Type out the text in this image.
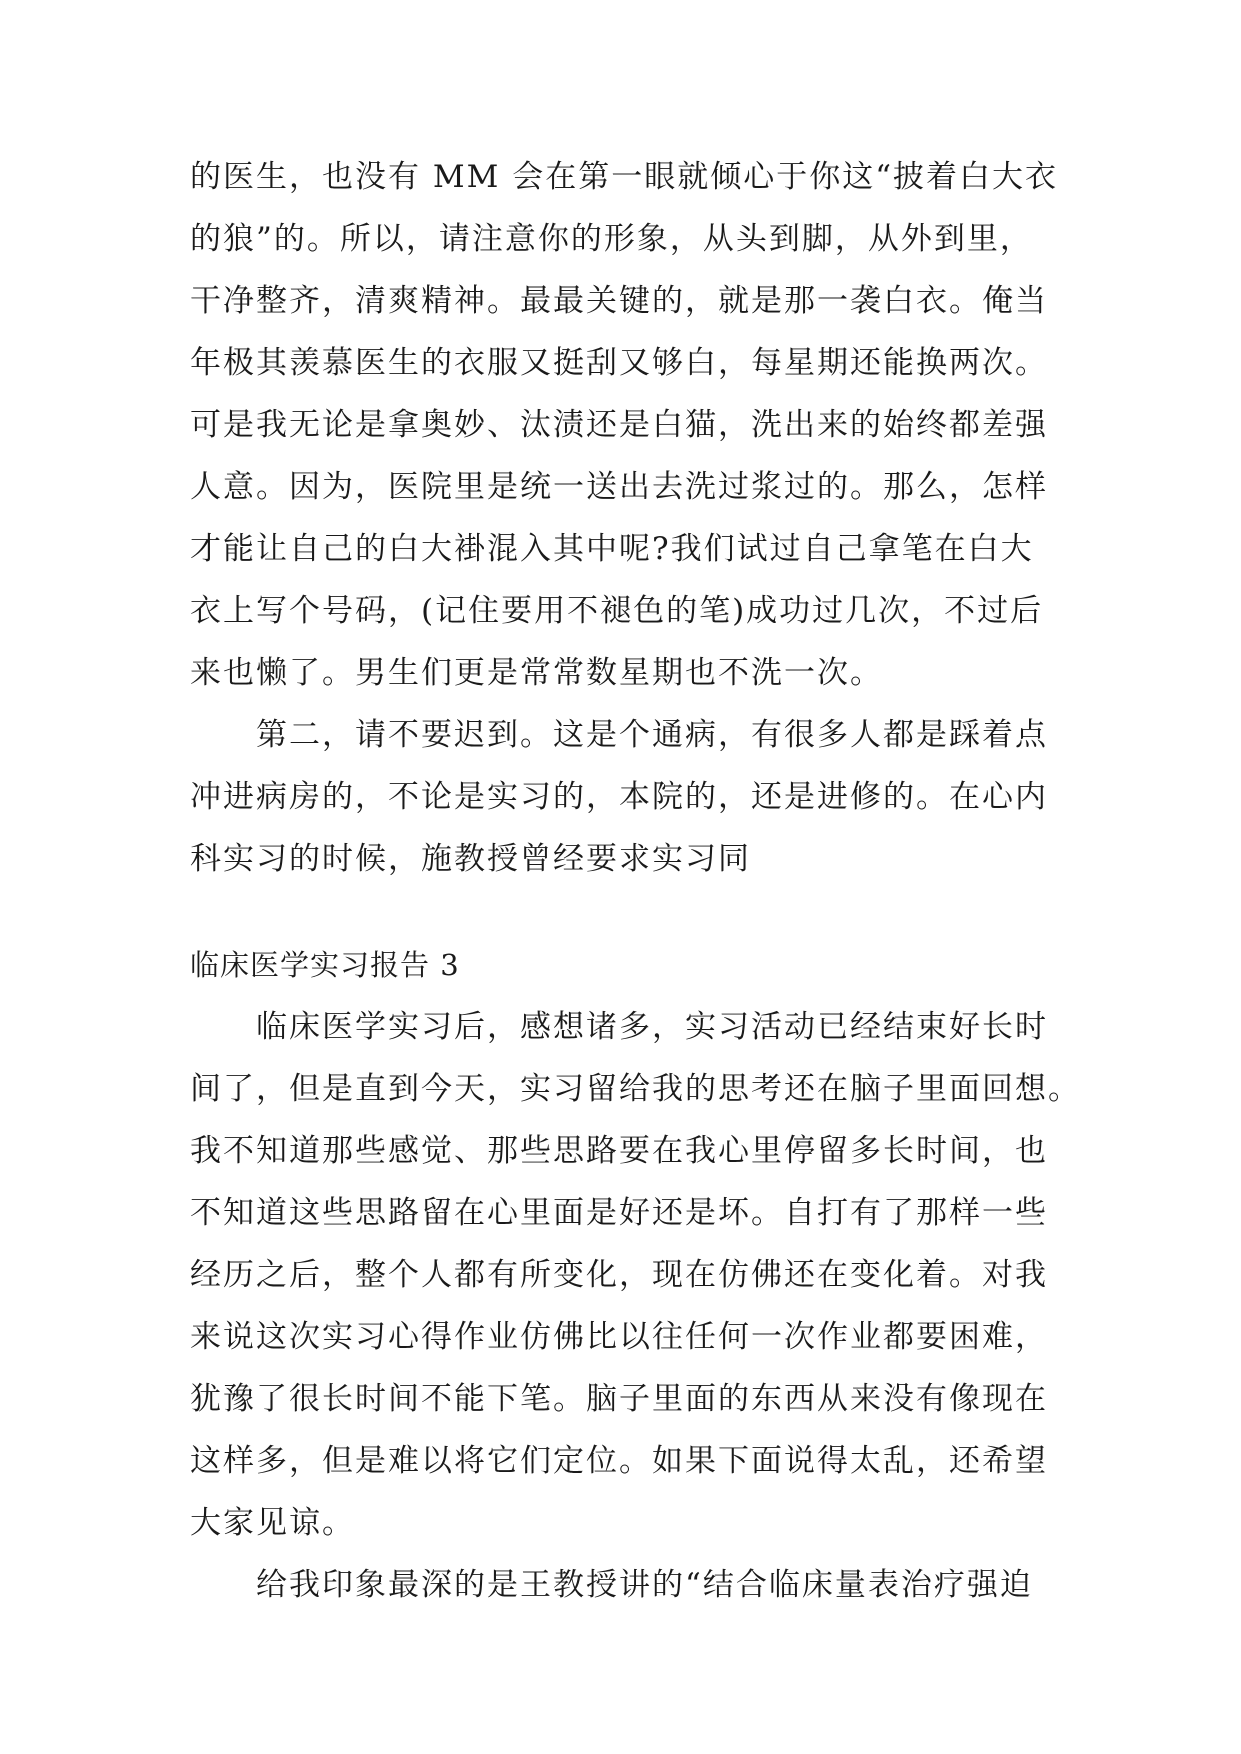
的医生，也没有 MM 会在第一眼就倾心于你这“披着白大衣
的狼”的。所以，请注意你的形象，从头到脚，从外到里，
干净整齐，清爽精神。最最关键的，就是那一袭白衣。俺当
年极其羡慕医生的衣服又挺刮又够白，每星期还能换两次。
可是我无论是拿奥妙、汰渍还是白猫，洗出来的始终都差强
人意。因为，医院里是统一送出去洗过浆过的。那么，怎样
才能让自己的白大褂混入其中呢?我们试过自己拿笔在白大
衣上写个号码，(记住要用不褪色的笔)成功过几次，不过后
来也懒了。男生们更是常常数星期也不洗一次。
第二，请不要迟到。这是个通病，有很多人都是踩着点
冲进病房的，不论是实习的，本院的，还是进修的。在心内
科实习的时候，施教授曾经要求实习同
临床医学实习报告 3
临床医学实习后，感想诸多，实习活动已经结束好长时
间了，但是直到今天，实习留给我的思考还在脑子里面回想。
我不知道那些感觉、那些思路要在我心里停留多长时间，也
不知道这些思路留在心里面是好还是坏。自打有了那样一些
经历之后，整个人都有所变化，现在仿佛还在变化着。对我
来说这次实习心得作业仿佛比以往任何一次作业都要困难，
犹豫了很长时间不能下笔。脑子里面的东西从来没有像现在
这样多，但是难以将它们定位。如果下面说得太乱，还希望
大家见谅。
给我印象最深的是王教授讲的“结合临床量表治疗强迫
